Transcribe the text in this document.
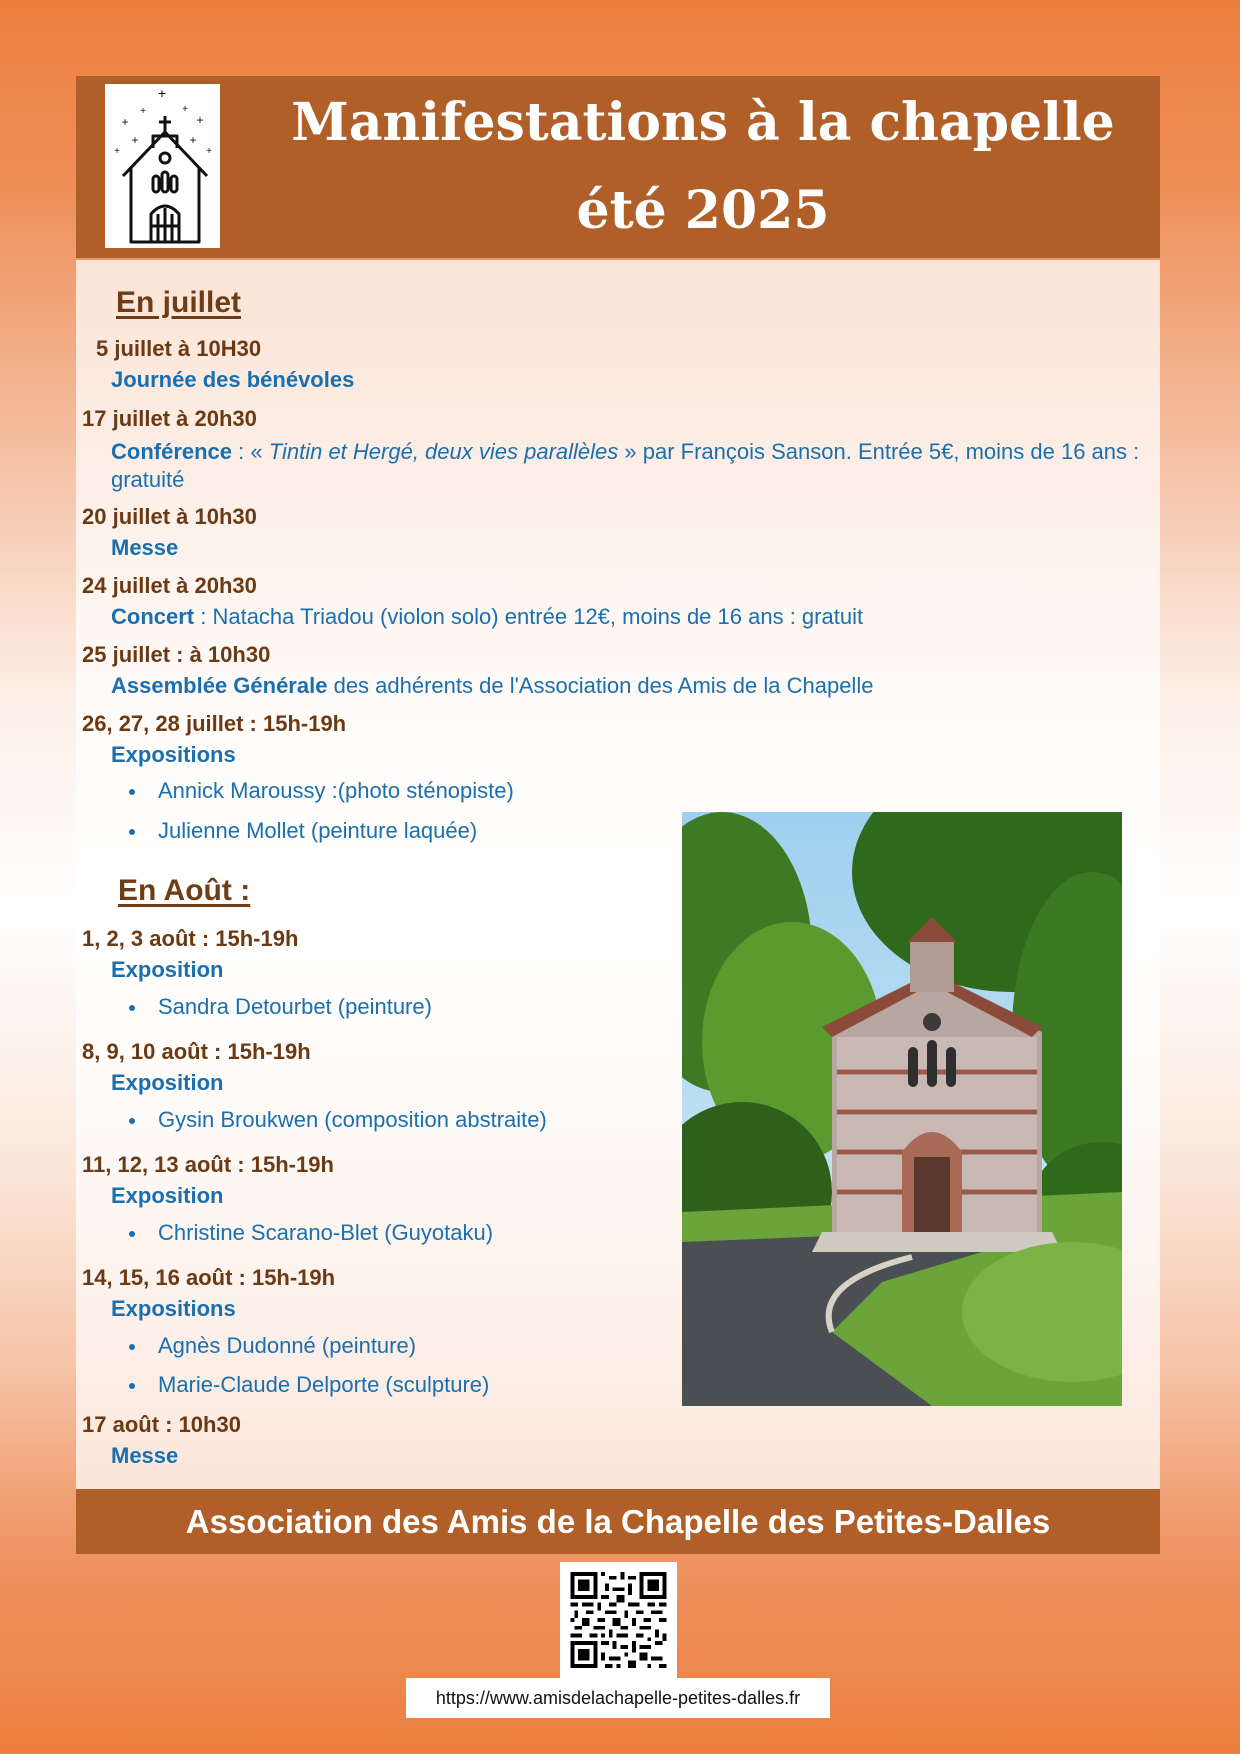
+
+	+
+	+
+	+
+
+	Manifestations à la chapelle
été 2025
En juillet
5 juillet à 10H30
Journée des bénévoles
17 juillet à 20h30
Conférence : « Tintin et Hergé, deux vies parallèles » par François Sanson. Entrée 5€, moins de 16 ans : gratuité
20 juillet à 10h30
Messe
24 juillet à 20h30
Concert : Natacha Triadou (violon solo) entrée 12€, moins de 16 ans : gratuit
25 juillet : à 10h30
Assemblée Générale des adhérents de l'Association des Amis de la Chapelle
26, 27, 28 juillet : 15h-19h
Expositions
Annick Maroussy :(photo sténopiste)
Julienne Mollet (peinture laquée)
En Août :
1, 2, 3 août : 15h-19h
Exposition
Sandra Detourbet (peinture)
8, 9, 10 août : 15h-19h
Exposition
Gysin Broukwen (composition abstraite)
11, 12, 13 août : 15h-19h
Exposition
Christine Scarano-Blet (Guyotaku)
14, 15, 16 août : 15h-19h
Expositions
Agnès Dudonné (peinture)
Marie-Claude Delporte (sculpture)
17 août : 10h30
Messe
Association des Amis de la Chapelle des Petites-Dalles
https://www.amisdelachapelle-petites-dalles.fr
